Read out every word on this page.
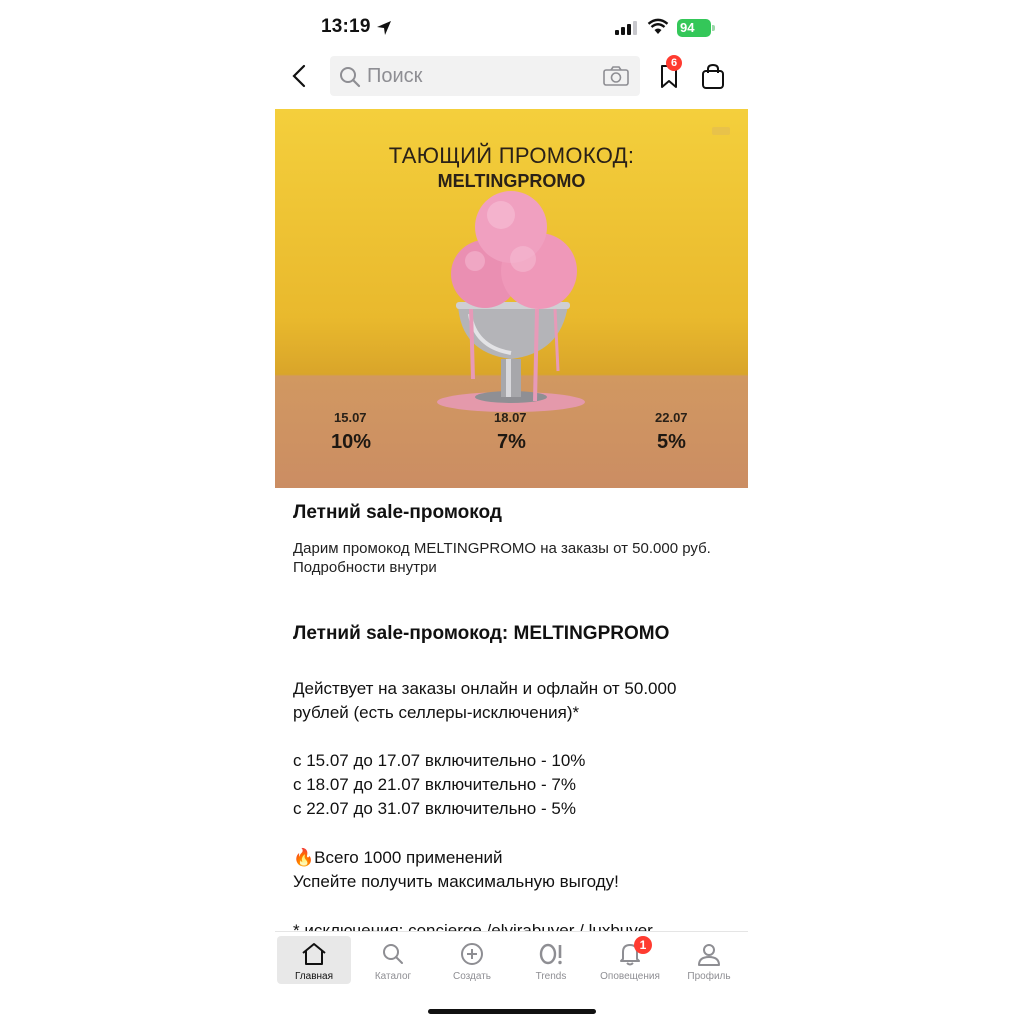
13:19	94
Поиск
6
ТАЮЩИЙ ПРОМОКОД:
MELTINGPROMO
15.07
10%
18.07
7%
22.07
5%
Летний sale-промокод
Дарим промокод MELTINGPROMO на заказы от 50.000 руб. Подробности внутри
Летний sale-промокод: MELTINGPROMO
Действует на заказы онлайн и офлайн от 50.000
рублей (есть селлеры-исключения)*
с 15.07 до 17.07 включительно - 10%
с 18.07 до 21.07 включительно - 7%
с 22.07 до 31.07 включительно - 5%
🔥Всего 1000 применений
Успейте получить максимальную выгоду!
Главная	Каталог	Создать	Trends
1
Оповещения	Профиль
